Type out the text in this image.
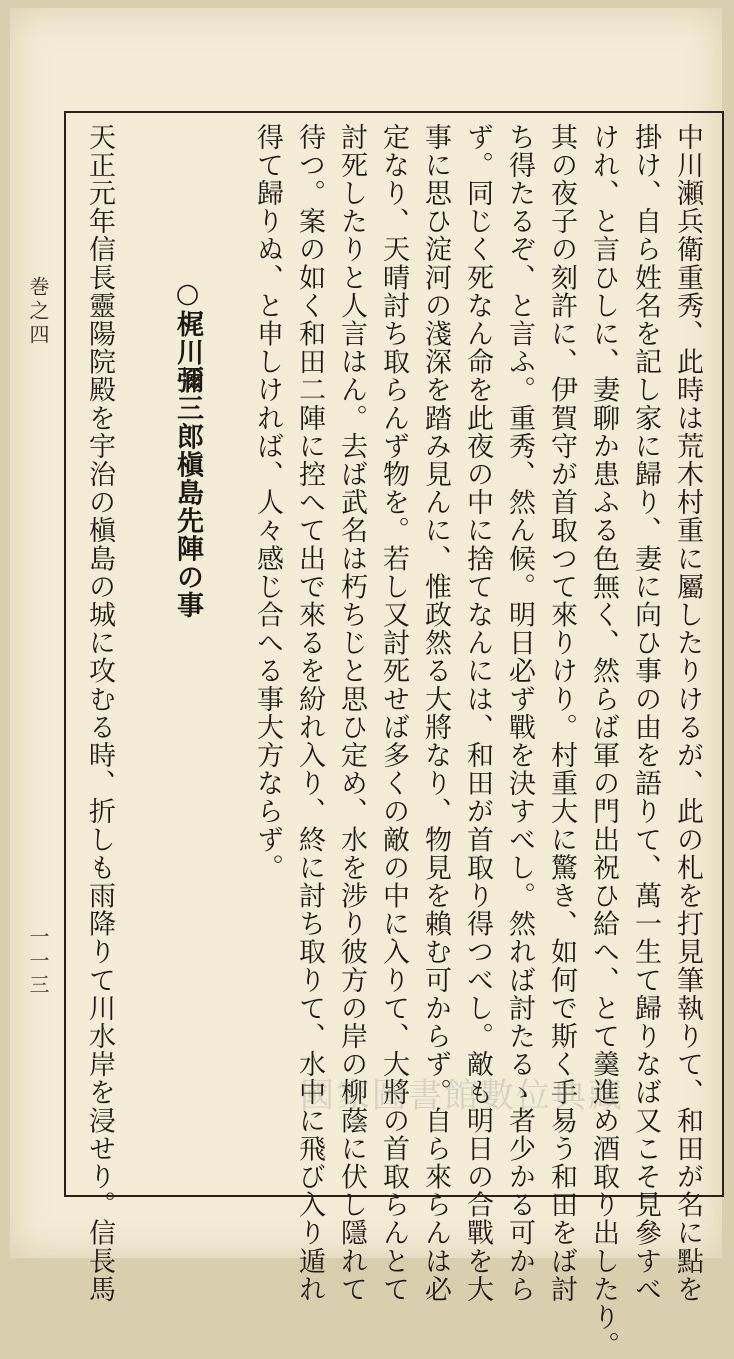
巻之四
一一三	中川瀬兵衛重秀、此時は荒木村重に屬したりけるが、此の札を打見筆執りて、和田が名に點を
掛け、自ら姓名を記し家に歸り、妻に向ひ事の由を語りて、萬一生て歸りなば又こそ見參すべ
けれ、と言ひしに、妻聊か患ふる色無く、然らば軍の門出祝ひ給へ、とて羹進め酒取り出したり。
其の夜子の刻許に、伊賀守が首取つて來りけり。村重大に驚き、如何で斯く手易う和田をば討
ち得たるぞ、と言ふ。重秀、然ん候。明日必ず戰を決すべし。然れば討たるゝ者少かる可から
ず。同じく死なん命を此夜の中に捨てなんには、和田が首取り得つべし。敵も明日の合戰を大
事に思ひ淀河の淺深を踏み見んに、惟政然る大將なり、物見を賴む可からず。自ら來らんは必
定なり、天晴討ち取らんず物を。若し又討死せば多くの敵の中に入りて、大將の首取らんとて
討死したりと人言はん。去ば武名は朽ちじと思ひ定め、水を涉り彼方の岸の柳蔭に伏し隱れて
待つ。案の如く和田二陣に控へて出で來るを紛れ入り、終に討ち取りて、水中に飛び入り遁れ
得て歸りぬ、と申しければ、人々感じ合へる事大方ならず。
○梶川彌三郎槇島先陣の事
天正元年信長靈陽院殿を宇治の槇島の城に攻むる時、折しも雨降りて川水岸を浸せり。信長馬	國家圖書館數位典藏
